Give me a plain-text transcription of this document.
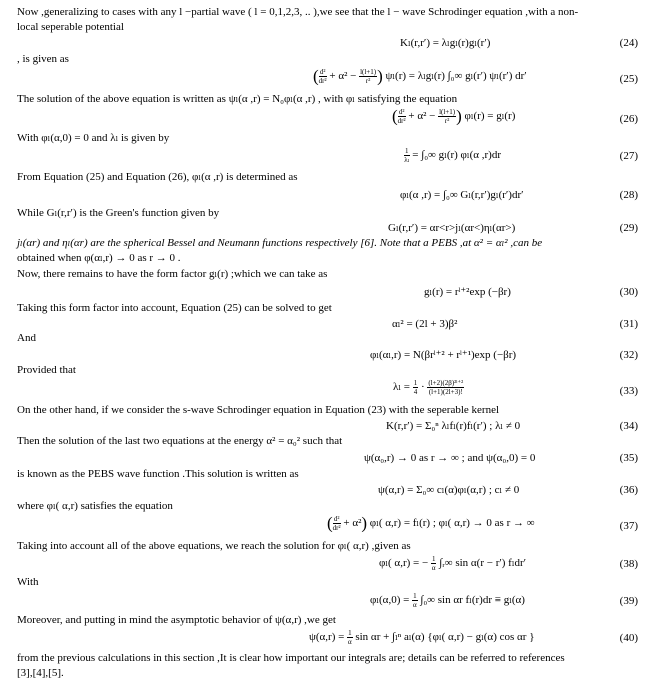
Now ,generalizing to cases with any l −partial wave ( l = 0,1,2,3, .. ),we see that the l − wave Schrodinger equation ,with a non-
local seperable potential
Kₗ(r,r′) = λₗgₗ(r)gₗ(r′)	(24)
, is given as
( $\frac{\text{d²}}{\text{dr²}} + \alpha^2 - \frac{l(l+1)}{\text{r²}}$ ) ψₗ(r) = λₗgₗ(r) ∫₀∞ gₗ(r′) ψₗ(r′) dr′	(25)
The solution of the above equation is written as ψₗ(α ,r) = N₀φₗ(α ,r) , with φₗ satisfying the equation
( $\frac{\text{d²}}{\text{dr²}} + \alpha^2 - \frac{l(l+1)}{\text{r²}}$ ) φₗ(r) = gₗ(r)	(26)
With φₗ(α,0) = 0 and λₗ is given by
$\frac{1}{\text{λₗ}} = \int_0\infty$ gₗ(r) φₗ(α ,r)dr	(27)
From Equation (25) and Equation (26), φₗ(α ,r) is determined as
φₗ(α ,r) = ∫₀∞ Gₗ(r,r′)gₗ(r′)dr′	(28)
While Gₗ(r,r′) is the Green's function given by
Gₗ(r,r′) = αr<r>jₗ(αr<)ηₗ(αr>)	(29)
jₗ(αr) and ηₗ(αr) are the spherical Bessel and Neumann functions respectively [6]. Note that a PEBS ,at α² = αₗ² ,can be
obtained when φ(αₗ,r) → 0 as r → 0 .
Now, there remains to have the form factor gₗ(r) ;which we can take as
gₗ(r) = rˡ⁺²exp (−βr)	(30)
Taking this form factor into account, Equation (25) can be solved to get
αₗ² = (2l + 3)β²	(31)
And
φₗ(αₗ,r) = N(βrˡ⁺² + rˡ⁺¹)exp (−βr)	(32)
Provided that
$\lambda_l = \frac{1}{4} \cdot \frac{\text{(l+2)(2β)²ˡ⁺²}}{(l+1)(2l+3)!}$	(33)
On the other hand, if we consider the s-wave Schrodinger equation in Equation (23) with the seperable kernel
K(r,r′) = Σ₀ⁿ λₗfₗ(r)fₗ(r′) ; λₗ ≠ 0	(34)
Then the solution of the last two equations at the energy α² = α₀² such that
ψ(α₀,r) → 0 as r → ∞ ; and ψ(α₀,0) = 0	(35)
is known as the PEBS wave function .This solution is written as
ψ(α,r) = Σ₀∞ cₗ(α)φₗ(α,r) ; cₗ ≠ 0	(36)
where φₗ( α,r) satisfies the equation
( $\frac{\text{d²}}{\text{dr²}} + \alpha^2$) φₗ( α,r) = fₗ(r) ; φₗ( α,r) → 0 as r → ∞	(37)
Taking into account all of the above equations, we reach the solution for φₗ( α,r) ,given as
φₗ( α,r) = − $\frac{1}{\alpha}$ ∫ᵣ∞ sin α(r − r′) fₗdr′	(38)
With
$\varphi_l(\alpha,0) = \frac{1}{\alpha} \int_0\infty$ sin αr fₗ(r)dr ≡ gₗ(α)	(39)
Moreover, and putting in mind the asymptotic behavior of ψ(α,r) ,we get
$\psi(\alpha,r) = \frac{1}{\alpha}$ sin αr + ∫ₗⁿ aₗ(α) {φₗ( α,r) − gₗ(α) cos αr }	(40)
from the previous calculations in this section ,It is clear how important our integrals are; details can be referred to references
[3],[4],[5].
